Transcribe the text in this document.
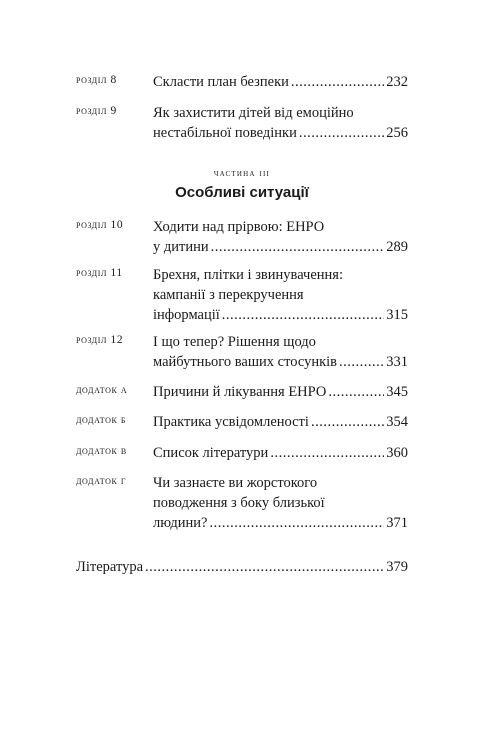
розділ 8 Скласти план безпеки .....	232
розділ 9 Як захистити дітей від емоційно
нестабільної поведінки .....	256
частина iii
Особливі ситуації
розділ 10 Ходити над прірвою: ЕНРО
у дитини .....	289
розділ 11 Брехня, плітки і звинувачення:
кампанії з перекручення
інформації .....	315
розділ 12 І що тепер? Рішення щодо
майбутнього ваших стосунків .....	331
додаток а Причини й лікування ЕНРО .....	345
додаток б Практика усвідомленості .....	354
додаток в Список літератури .....	360
додаток г Чи зазнаєте ви жорстокого
поводження з боку близької
людини? .....	371
Література .....	379
